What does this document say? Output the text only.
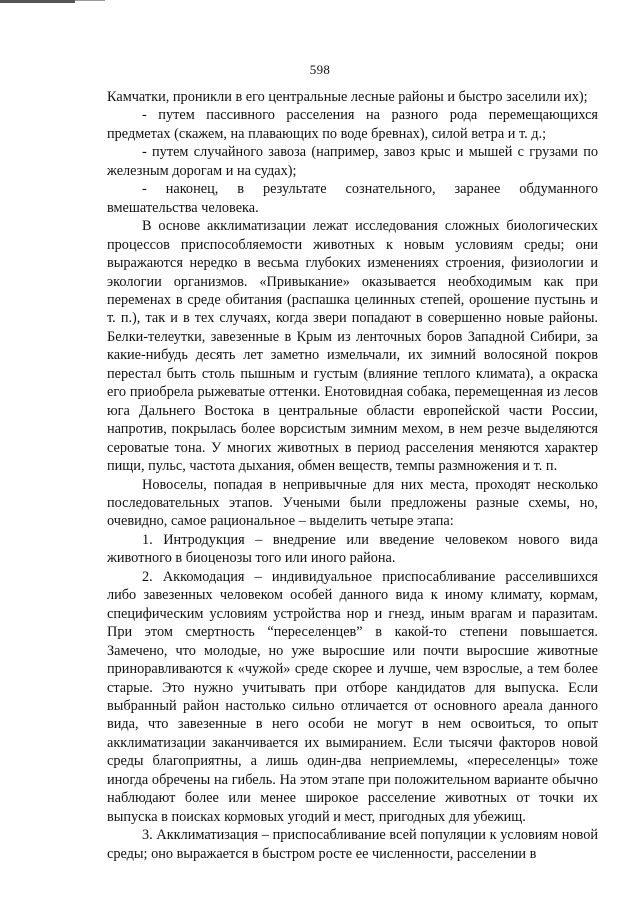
598

Камчатки, проникли в его центральные лесные районы и быстро заселили их);

- путем пассивного расселения на разного рода перемещающихся предметах (скажем, на плавающих по воде бревнах), силой ветра и т. д.;

- путем случайного завоза (например, завоз крыс и мышей с грузами по железным дорогам и на судах);

- наконец, в результате сознательного, заранее обдуманного вмешательства человека.

В основе акклиматизации лежат исследования сложных биологических процессов приспособляемости животных к новым условиям среды; они выражаются нередко в весьма глубоких изменениях строения, физиологии и экологии организмов. «Привыкание» оказывается необходимым как при переменах в среде обитания (распашка целинных степей, орошение пустынь и т. п.), так и в тех случаях, когда звери попадают в совершенно новые районы. Белки-телеутки, завезенные в Крым из ленточных боров Западной Сибири, за какие-нибудь десять лет заметно измельчали, их зимний волосяной покров перестал быть столь пышным и густым (влияние теплого климата), а окраска его приобрела рыжеватые оттенки. Енотовидная собака, перемещенная из лесов юга Дальнего Востока в центральные области европейской части России, напротив, покрылась более ворсистым зимним мехом, в нем резче выделяются сероватые тона. У многих животных в период расселения меняются характер пищи, пульс, частота дыхания, обмен веществ, темпы размножения и т. п.

Новоселы, попадая в непривычные для них места, проходят несколько последовательных этапов. Учеными были предложены разные схемы, но, очевидно, самое рациональное – выделить четыре этапа:

1. Интродукция – внедрение или введение человеком нового вида животного в биоценозы того или иного района.

2. Аккомодация – индивидуальное приспосабливание расселившихся либо завезенных человеком особей данного вида к иному климату, кормам, специфическим условиям устройства нор и гнезд, иным врагам и паразитам. При этом смертность “переселенцев” в какой-то степени повышается. Замечено, что молодые, но уже выросшие или почти выросшие животные приноравливаются к «чужой» среде скорее и лучше, чем взрослые, а тем более старые. Это нужно учитывать при отборе кандидатов для выпуска. Если выбранный район настолько сильно отличается от основного ареала данного вида, что завезенные в него особи не могут в нем освоиться, то опыт акклиматизации заканчивается их вымиранием. Если тысячи факторов новой среды благоприятны, а лишь один-два неприемлемы, «переселенцы» тоже иногда обречены на гибель. На этом этапе при положительном варианте обычно наблюдают более или менее широкое расселение животных от точки их выпуска в поисках кормовых угодий и мест, пригодных для убежищ.

3. Акклиматизация – приспосабливание всей популяции к условиям новой среды; оно выражается в быстром росте ее численности, расселении в
